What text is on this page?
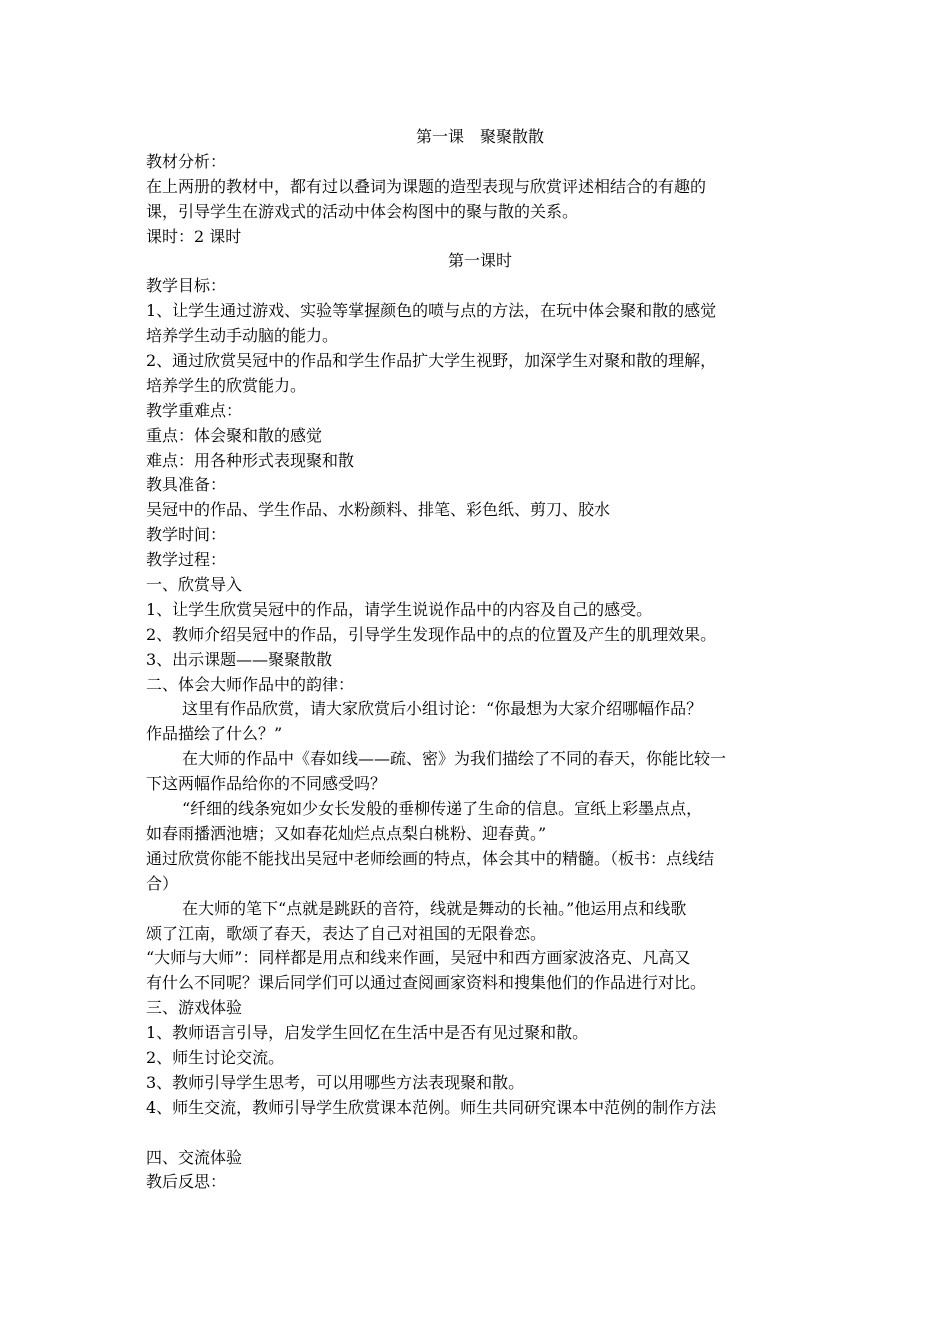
第一课　聚聚散散
教材分析：
在上两册的教材中，都有过以叠词为课题的造型表现与欣赏评述相结合的有趣的
课，引导学生在游戏式的活动中体会构图中的聚与散的关系。
课时：2 课时
第一课时
教学目标：
1、让学生通过游戏、实验等掌握颜色的喷与点的方法，在玩中体会聚和散的感觉
培养学生动手动脑的能力。
2、通过欣赏吴冠中的作品和学生作品扩大学生视野，加深学生对聚和散的理解，
培养学生的欣赏能力。
教学重难点：
重点：体会聚和散的感觉
难点：用各种形式表现聚和散
教具准备：
吴冠中的作品、学生作品、水粉颜料、排笔、彩色纸、剪刀、胶水
教学时间：
教学过程：
一、欣赏导入
1、让学生欣赏吴冠中的作品，请学生说说作品中的内容及自己的感受。
2、教师介绍吴冠中的作品，引导学生发现作品中的点的位置及产生的肌理效果。
3、出示课题——聚聚散散
二、体会大师作品中的韵律：
这里有作品欣赏，请大家欣赏后小组讨论：“你最想为大家介绍哪幅作品？
作品描绘了什么？”
在大师的作品中《春如线——疏、密》为我们描绘了不同的春天，你能比较一
下这两幅作品给你的不同感受吗？
“纤细的线条宛如少女长发般的垂柳传递了生命的信息。宣纸上彩墨点点，
如春雨播洒池塘；又如春花灿烂点点梨白桃粉、迎春黄。”
通过欣赏你能不能找出吴冠中老师绘画的特点，体会其中的精髓。（板书：点线结
合）
在大师的笔下“点就是跳跃的音符，线就是舞动的长袖。”他运用点和线歌
颂了江南，歌颂了春天，表达了自己对祖国的无限眷恋。
“大师与大师”：同样都是用点和线来作画，吴冠中和西方画家波洛克、凡高又
有什么不同呢？课后同学们可以通过查阅画家资料和搜集他们的作品进行对比。
三、游戏体验
1、教师语言引导，启发学生回忆在生活中是否有见过聚和散。
2、师生讨论交流。
3、教师引导学生思考，可以用哪些方法表现聚和散。
4、师生交流，教师引导学生欣赏课本范例。师生共同研究课本中范例的制作方法
四、交流体验
教后反思：
